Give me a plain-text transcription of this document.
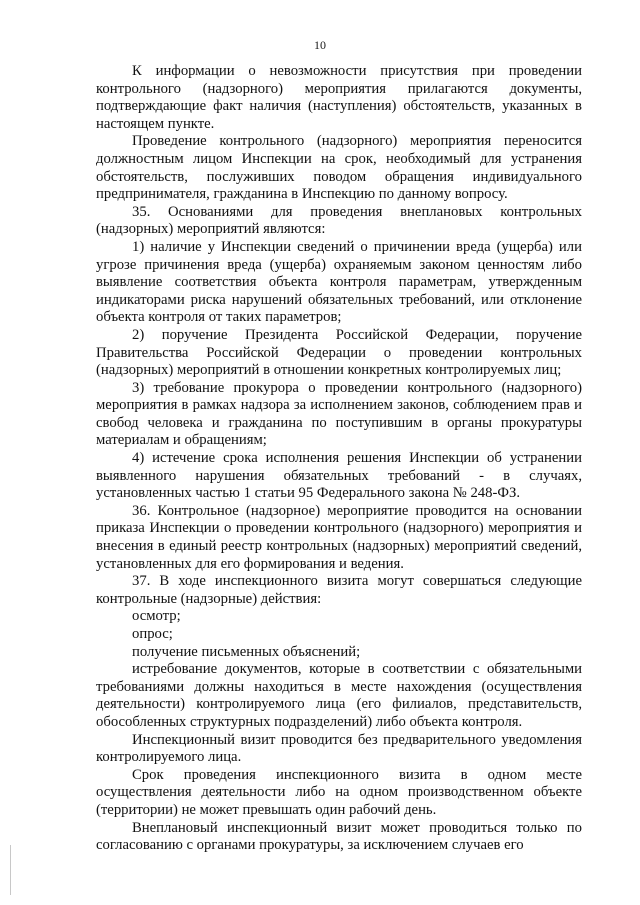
10

К информации о невозможности присутствия при проведении контрольного (надзорного) мероприятия прилагаются документы, подтверждающие факт наличия (наступления) обстоятельств, указанных в настоящем пункте.

Проведение контрольного (надзорного) мероприятия переносится должностным лицом Инспекции на срок, необходимый для устранения обстоятельств, послуживших поводом обращения индивидуального предпринимателя, гражданина в Инспекцию по данному вопросу.

35. Основаниями для проведения внеплановых контрольных (надзорных) мероприятий являются:

1) наличие у Инспекции сведений о причинении вреда (ущерба) или угрозе причинения вреда (ущерба) охраняемым законом ценностям либо выявление соответствия объекта контроля параметрам, утвержденным индикаторами риска нарушений обязательных требований, или отклонение объекта контроля от таких параметров;

2) поручение Президента Российской Федерации, поручение Правительства Российской Федерации о проведении контрольных (надзорных) мероприятий в отношении конкретных контролируемых лиц;

3) требование прокурора о проведении контрольного (надзорного) мероприятия в рамках надзора за исполнением законов, соблюдением прав и свобод человека и гражданина по поступившим в органы прокуратуры материалам и обращениям;

4) истечение срока исполнения решения Инспекции об устранении выявленного нарушения обязательных требований - в случаях, установленных частью 1 статьи 95 Федерального закона № 248-ФЗ.

36. Контрольное (надзорное) мероприятие проводится на основании приказа Инспекции о проведении контрольного (надзорного) мероприятия и внесения в единый реестр контрольных (надзорных) мероприятий сведений, установленных для его формирования и ведения.

37. В ходе инспекционного визита могут совершаться следующие контрольные (надзорные) действия:

осмотр;

опрос;

получение письменных объяснений;

истребование документов, которые в соответствии с обязательными требованиями должны находиться в месте нахождения (осуществления деятельности) контролируемого лица (его филиалов, представительств, обособленных структурных подразделений) либо объекта контроля.

Инспекционный визит проводится без предварительного уведомления контролируемого лица.

Срок проведения инспекционного визита в одном месте осуществления деятельности либо на одном производственном объекте (территории) не может превышать один рабочий день.

Внеплановый инспекционный визит может проводиться только по согласованию с органами прокуратуры, за исключением случаев его
